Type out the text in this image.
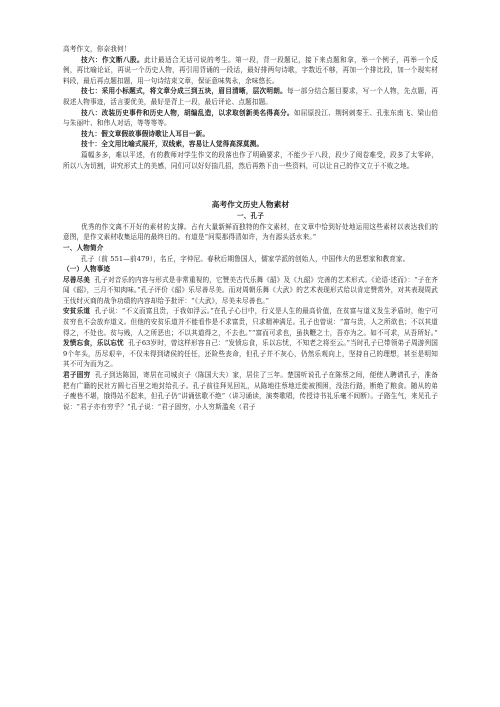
高考作文，你奈我何！

技六：作文断八股。此计最适合无话可说的考生。第一段，背一段题记，接下来点题和拿，举一个例子，再举一个反例，再比喻论证，再说一个历史人物，再引用背诵的一段话，最好排两句诗歌，字数近不够，再加一个排比段，加一个现实材料段，最后再点题扣题，用一句诗结束文章，保证意味隽永，余味悠长。

技七：采用小标题式，将文章分成三到五块，眉目清晰，层次明朗。每一部分结合题目要求，写一个人物，先点题，再叙述人物事迹，活言要优美，最好是背上一段，最后评论、点题扣题。

技八：改装历史事件和历史人物，胡编乱造，以求取创新美名得高分。如屈原投江、荆轲刺秦王、孔张东南飞、梁山伯与朱丽叶、和伟人对话，等等等等。

技九：假文章假故事假诗歌让人耳目一新。

技十：全文用比喻式展开，双线索，容易让人觉得高深莫测。

篇幅多多，难以平述，有的教师对学生作文的段落也作了明确要求，不能少于八段，段少了阅卷难受，段多了太零碎，所以八为切割，讲究形式上的美感，同们可以好好揣几招，然后再熟下由一些资料，可以让自己的作文立于不败之地。

高考作文历史人物素材

一、孔子

优秀的作文离不开好的素材的支撑。占有大量新鲜而独特的作文素材，在文章中恰到好处地运用这些素材以表达我们的意图，是作文素材收集运用的最终目的。有道是“问渠那得清如许，为有源头活水来。”

一、人物简介

孔子（前 551—前479），名丘，字仲尼。春秋后期鲁国人，儒家学派的创始人，中国伟大的思想家和教育家。

（一）人物事迹

尽善尽美 孔子对音乐的内容与形式是非常重视的，它赞美古代乐舞《韶》及《九韶》完善的艺术形式。《论语·述而》：“子在齐闻《韶》，三月不知肉味。”孔子评价《韶》乐尽善尽美。而对周朝乐舞《大武》的艺术表现形式给以肯定赞赏外，对其表现周武王伐纣灭商的战争功绩的内容却给予批评：“《大武》，尽美未尽善也。”

安贫乐道 孔子说：“不义而富且贵，于我如浮云。”在孔子心目中，行义是人生的最高价值，在贫富与道义发生矛盾时，他宁可贫穷也不会放弃道义。但他的安贫乐道并不能看作是不求富贵，只求精神满足。孔子也曾说：“富与贵，人之所欲也；不以其道得之，不处也。贫与贱，人之所恶也；不以其道得之，不去也。”“富而可求也，虽执鞭之士，吾亦为之。如不可求，从吾所好。”

发愤忘食，乐以忘忧 孔子63岁时，曾这样形容自己：“发愤忘食，乐以忘忧，不知老之将至云。”当时孔子已带领弟子周游列国9个年头，历尽艰辛，不仅未得到诸侯的任任，还险些丧命，但孔子并不灰心，仍然乐观向上，坚持自己的理想，甚至是明知其不可为而为之。

君子固穷 孔子到达陈国，寄居在司城贞子（陈国大夫）家，居住了三年。楚国听说孔子在陈蔡之间，便使人聘请孔子，准备把有广籍的民社方圆七百里之地封给孔子。孔子前往拜见回礼，从陈地往蔡地迁徙被围困，没法行路，断绝了粮食。随从的弟子瘦巷不堪，饿得站不起来，但孔子仍“讲诵弦歌不绝”（讲习诵读，演奏歌唱，传授诗书礼乐毫不间断）。子路生气，来见孔子说：“君子亦有穷乎？”孔子说：“君子固穷，小人穷斯滥矣（君子
